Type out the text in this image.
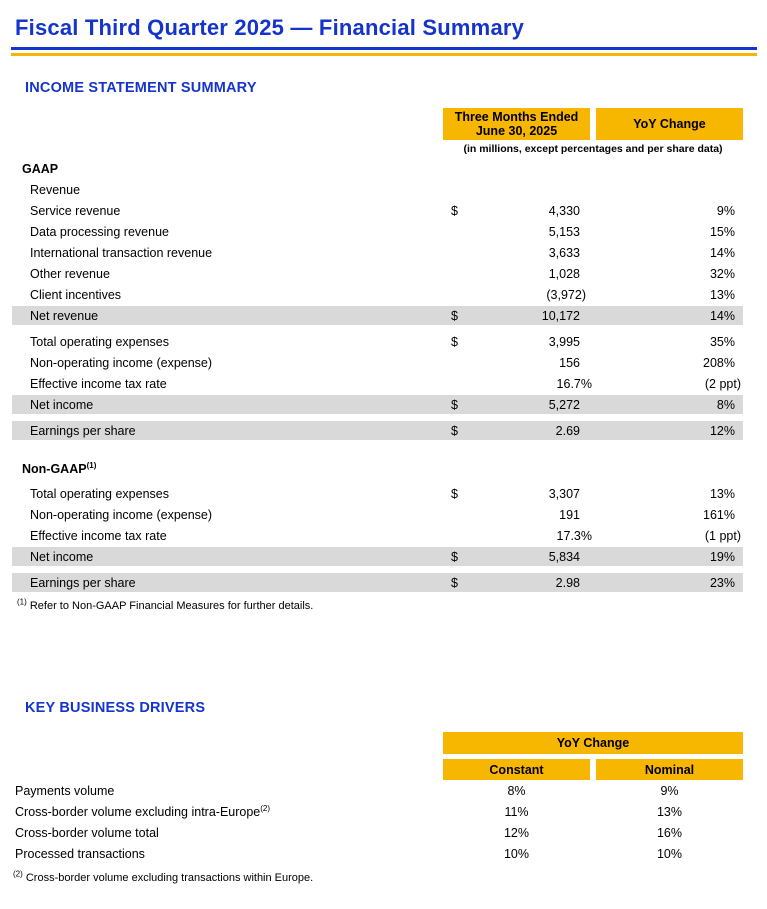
Fiscal Third Quarter 2025 — Financial Summary
INCOME STATEMENT SUMMARY
Three Months Ended
June 30, 2025	YoY Change
(in millions, except percentages and per share data)
GAAP
Revenue
Service revenue	$	4,330	9%
Data processing revenue	5,153	15%
International transaction revenue	3,633	14%
Other revenue	1,028	32%
Client incentives	(3,972)	13%
Net revenue	$	10,172	14%
Total operating expenses	$	3,995	35%
Non-operating income (expense)	156	208%
Effective income tax rate	16.7%	(2 ppt)
Net income	$	5,272	8%
Earnings per share	$	2.69	12%
Non-GAAP$^{(1)}$
Total operating expenses	$	3,307	13%
Non-operating income (expense)	191	161%
Effective income tax rate	17.3%	(1 ppt)
Net income	$	5,834	19%
Earnings per share	$	2.98	23%
$^{(1)}$ Refer to Non-GAAP Financial Measures for further details.
KEY BUSINESS DRIVERS
YoY Change
Constant	Nominal
Payments volume	8%	9%
Cross-border volume excluding intra-Europe$^{(2)}$	11%	13%
Cross-border volume total	12%	16%
Processed transactions	10%	10%
$^{(2)}$ Cross-border volume excluding transactions within Europe.
